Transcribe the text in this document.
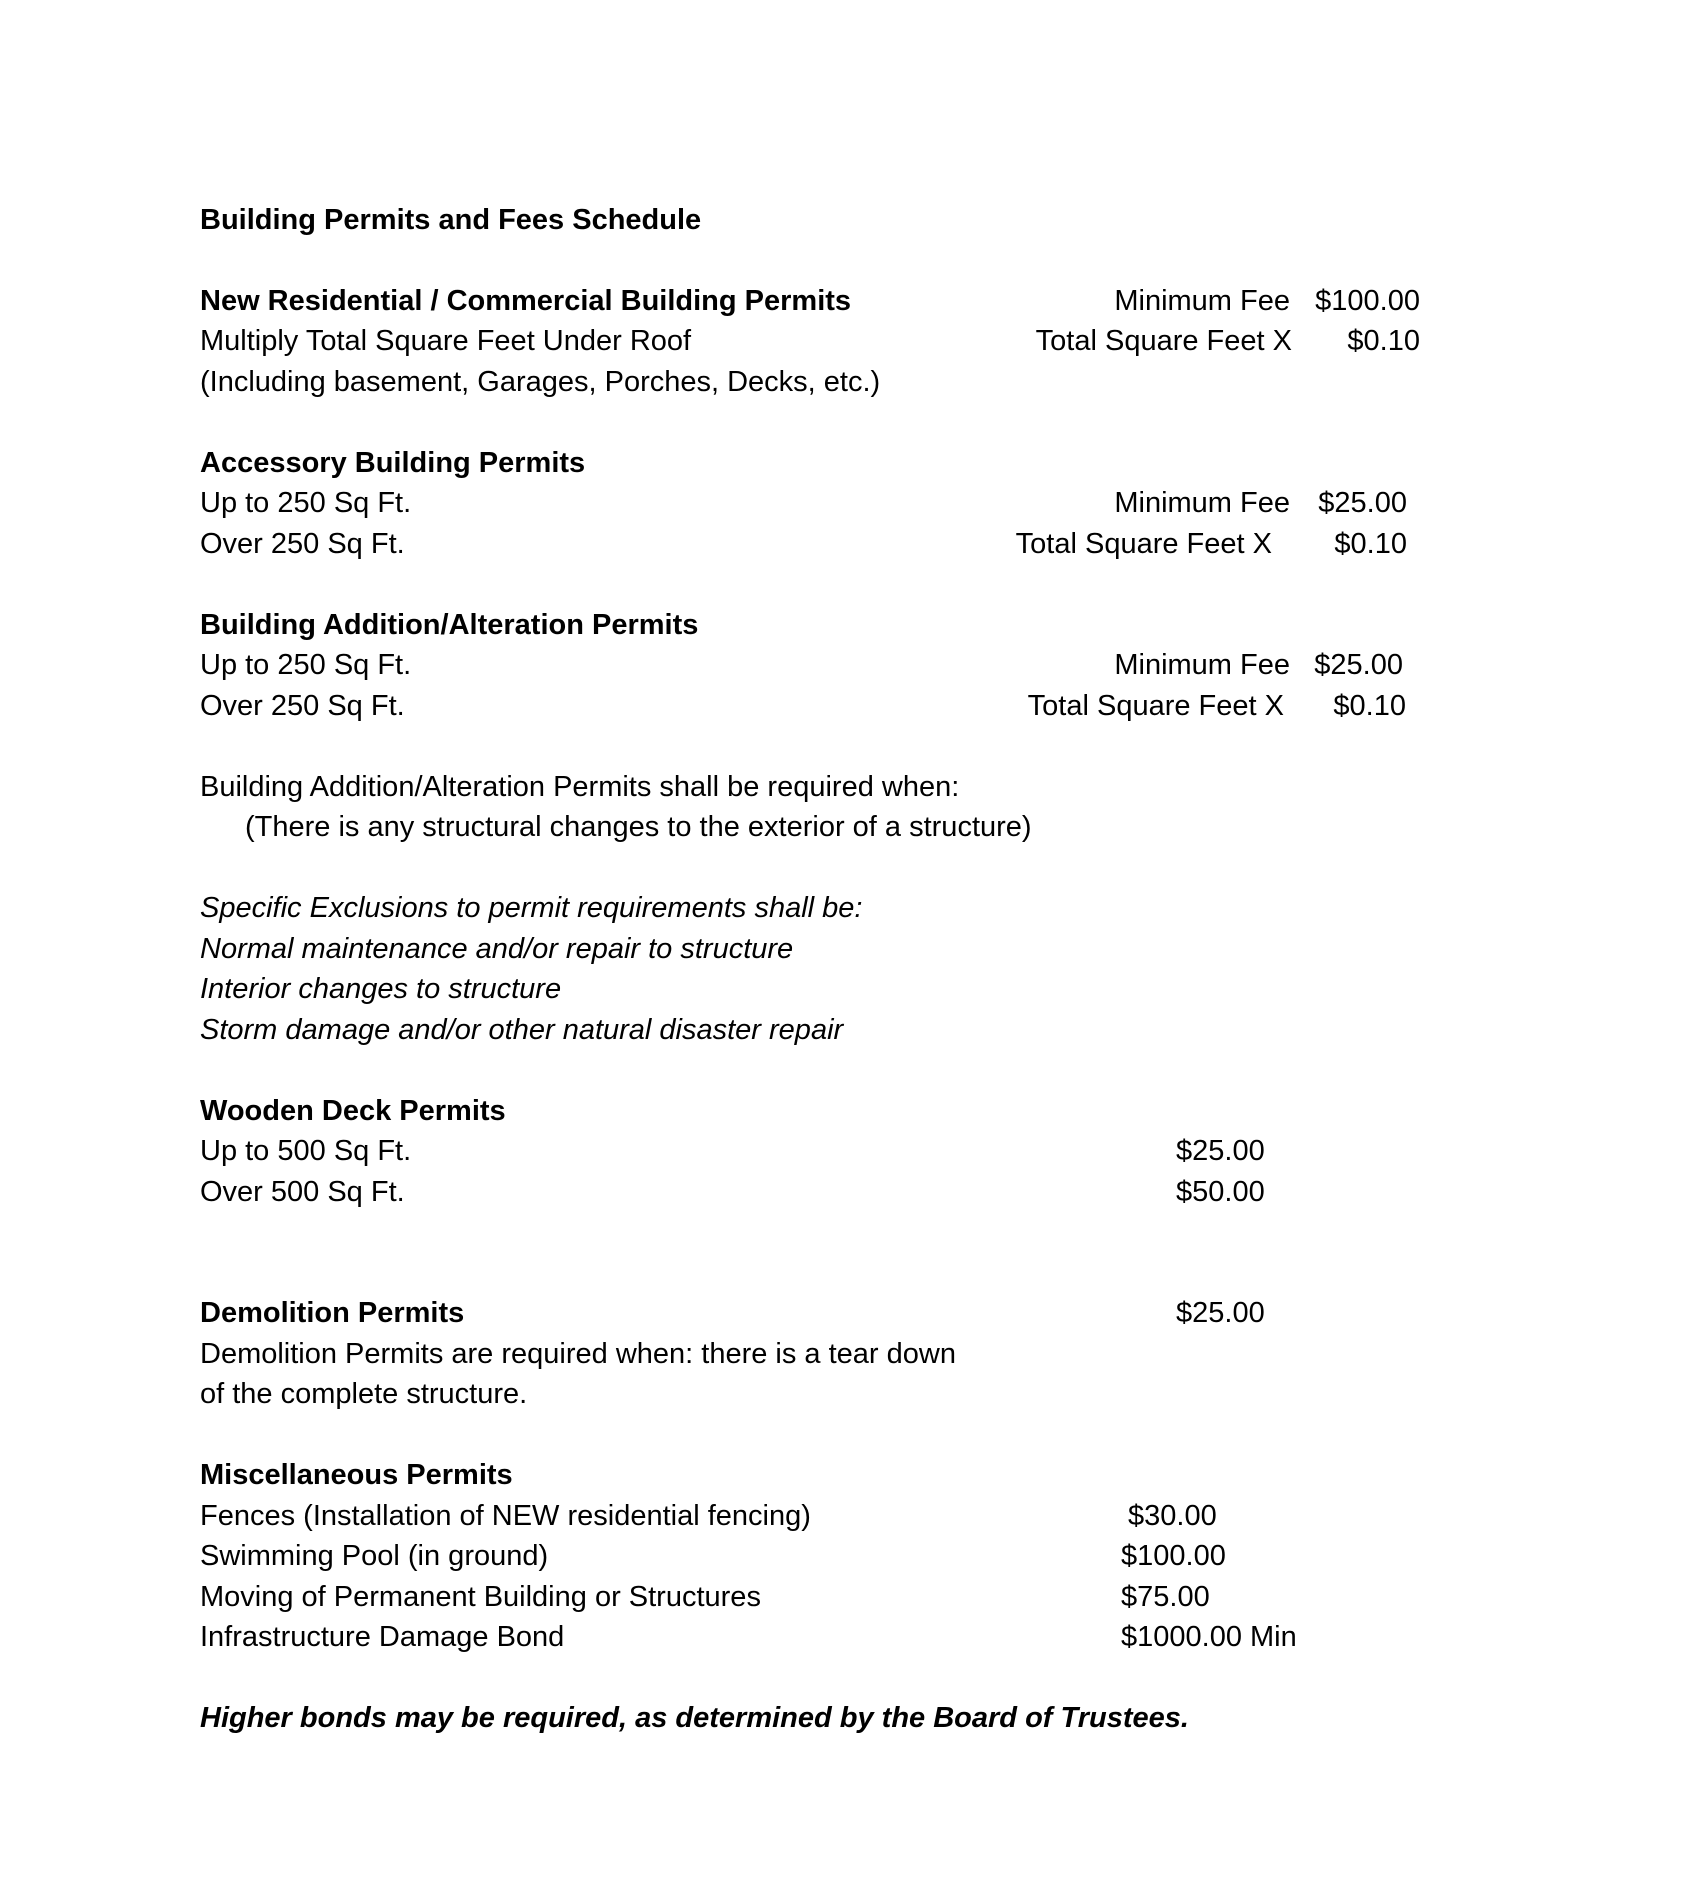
Building Permits and Fees Schedule
New Residential / Commercial Building Permits	Minimum Fee $100.00
Multiply Total Square Feet Under Roof	Total Square Feet X $0.10
(Including basement, Garages, Porches, Decks, etc.)
Accessory Building Permits
Up to 250 Sq Ft.	Minimum Fee $25.00
Over 250 Sq Ft.	Total Square Feet X $0.10
Building Addition/Alteration Permits
Up to 250 Sq Ft.	Minimum Fee $25.00
Over 250 Sq Ft.	Total Square Feet X $0.10
Building Addition/Alteration Permits shall be required when:
(There is any structural changes to the exterior of a structure)
Specific Exclusions to permit requirements shall be:
Normal maintenance and/or repair to structure
Interior changes to structure
Storm damage and/or other natural disaster repair
Wooden Deck Permits
Up to 500 Sq Ft.	$25.00
Over 500 Sq Ft.	$50.00
Demolition Permits	$25.00
Demolition Permits are required when: there is a tear down
of the complete structure.
Miscellaneous Permits
Fences (Installation of NEW residential fencing)	$30.00
Swimming Pool (in ground)	$100.00
Moving of Permanent Building or Structures	$75.00
Infrastructure Damage Bond	$1000.00 Min
Higher bonds may be required, as determined by the Board of Trustees.
